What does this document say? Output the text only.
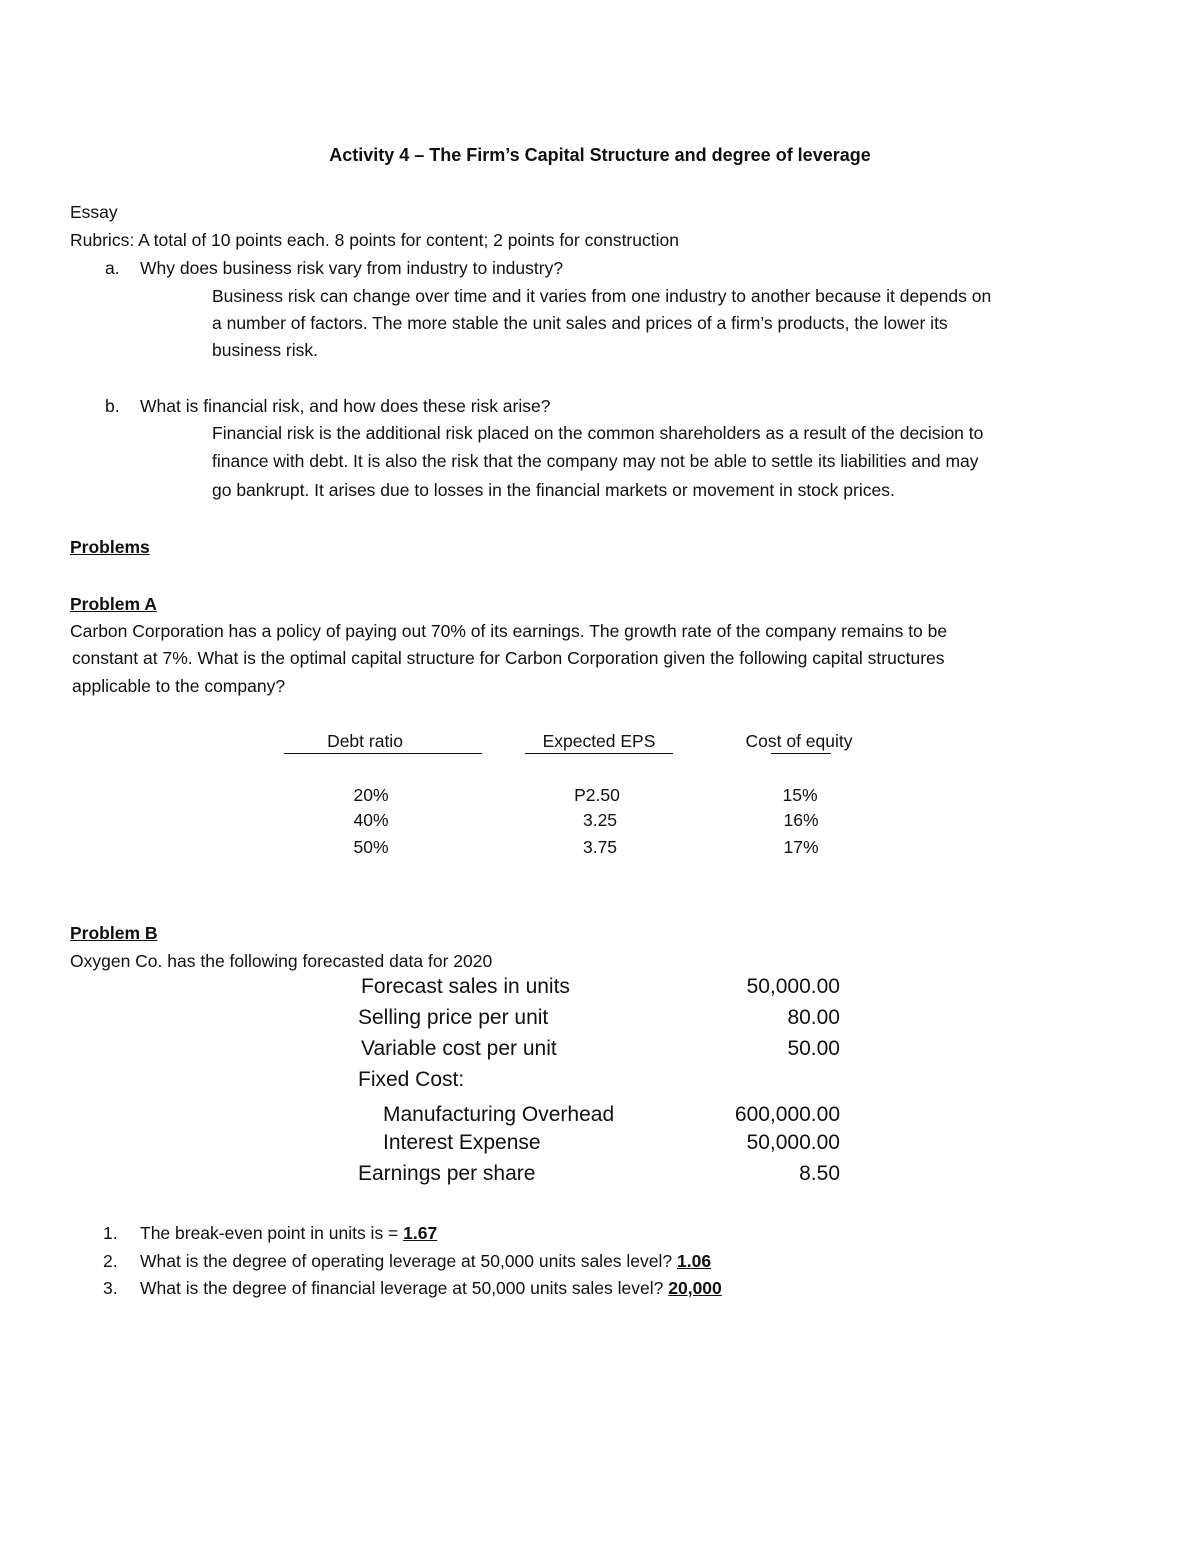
Activity 4 – The Firm’s Capital Structure and degree of leverage
Essay
Rubrics: A total of 10 points each. 8 points for content; 2 points for construction
a. Why does business risk vary from industry to industry?
Business risk can change over time and it varies from one industry to another because it depends on
a number of factors. The more stable the unit sales and prices of a firm’s products, the lower its
business risk.
b. What is financial risk, and how does these risk arise?
Financial risk is the additional risk placed on the common shareholders as a result of the decision to
finance with debt. It is also the risk that the company may not be able to settle its liabilities and may
go bankrupt. It arises due to losses in the financial markets or movement in stock prices.
Problems
Problem A
Carbon Corporation has a policy of paying out 70% of its earnings. The growth rate of the company remains to be
constant at 7%. What is the optimal capital structure for Carbon Corporation given the following capital structures
applicable to the company?
Debt ratio	Expected EPS	Cost of equity
20%	P2.50	15%
40%	3.25	16%
50%	3.75	17%
Problem B
Oxygen Co. has the following forecasted data for 2020
Forecast sales in units	50,000.00
Selling price per unit	80.00
Variable cost per unit	50.00
Fixed Cost:
Manufacturing Overhead	600,000.00
Interest Expense	50,000.00
Earnings per share	8.50
1. The break-even point in units is = 1.67
2. What is the degree of operating leverage at 50,000 units sales level? 1.06
3. What is the degree of financial leverage at 50,000 units sales level? 20,000
